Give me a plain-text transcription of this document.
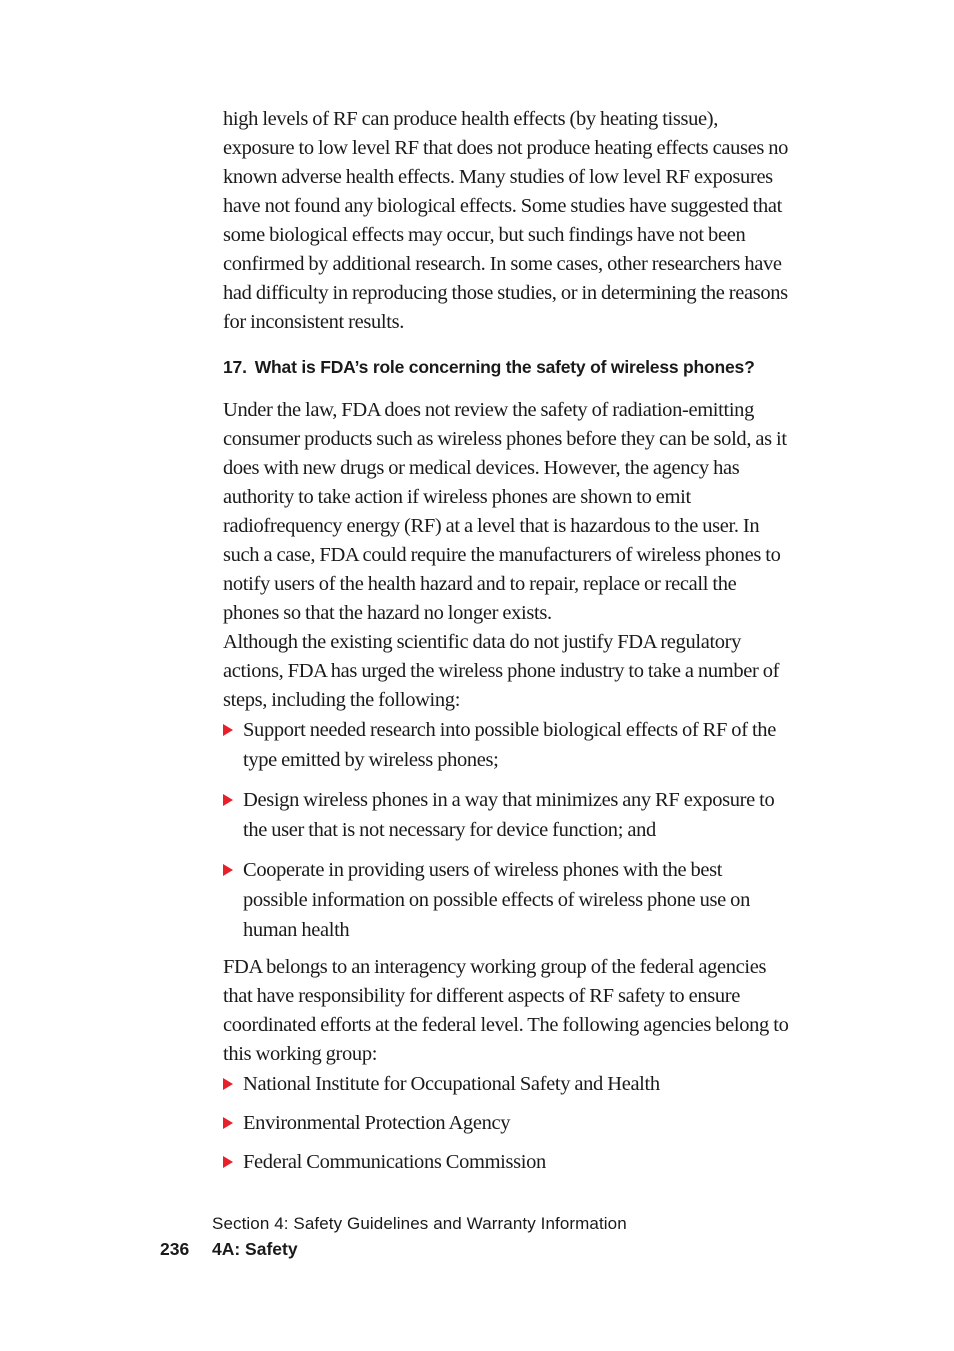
high levels of RF can produce health effects (by heating tissue), exposure to low level RF that does not produce heating effects causes no known adverse health effects. Many studies of low level RF exposures have not found any biological effects. Some studies have suggested that some biological effects may occur, but such findings have not been confirmed by additional research. In some cases, other researchers have had difficulty in reproducing those studies, or in determining the reasons for inconsistent results.

17. What is FDA’s role concerning the safety of wireless phones?

Under the law, FDA does not review the safety of radiation-emitting consumer products such as wireless phones before they can be sold, as it does with new drugs or medical devices. However, the agency has authority to take action if wireless phones are shown to emit radiofrequency energy (RF) at a level that is hazardous to the user. In such a case, FDA could require the manufacturers of wireless phones to notify users of the health hazard and to repair, replace or recall the phones so that the hazard no longer exists.

Although the existing scientific data do not justify FDA regulatory actions, FDA has urged the wireless phone industry to take a number of steps, including the following:

Support needed research into possible biological effects of RF of the type emitted by wireless phones;
Design wireless phones in a way that minimizes any RF exposure to the user that is not necessary for device function; and
Cooperate in providing users of wireless phones with the best possible information on possible effects of wireless phone use on human health

FDA belongs to an interagency working group of the federal agencies that have responsibility for different aspects of RF safety to ensure coordinated efforts at the federal level. The following agencies belong to this working group:

National Institute for Occupational Safety and Health
Environmental Protection Agency
Federal Communications Commission
Section 4: Safety Guidelines and Warranty Information
236 4A: Safety
